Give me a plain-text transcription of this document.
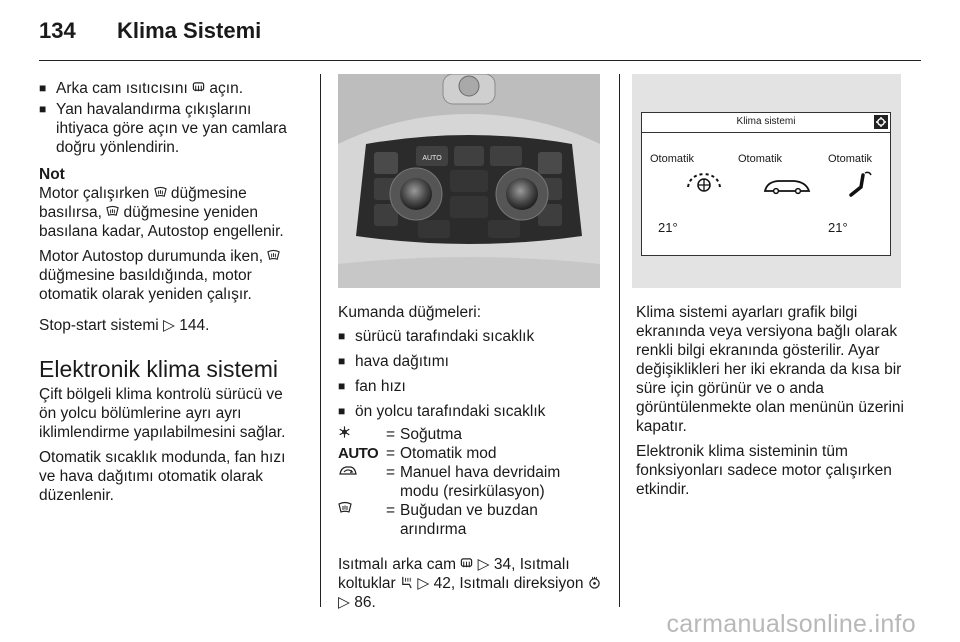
134 Klima Sistemi
■ Arka cam ısıtıcısını açın.
■ Yan havalandırma çıkışlarını ihtiyaca göre açın ve yan camlara doğru yönlendirin.
Not

Motor çalışırken düğmesine basılırsa, düğmesine yeniden basılana kadar, Autostop engellenir.

Motor Autostop durumunda iken,
düğmesine basıldığında, motor otomatik olarak yeniden çalışır.

Stop-start sistemi ▷ 144.

Elektronik klima sistemi

Çift bölgeli klima kontrolü sürücü ve ön yolcu bölümlerine ayrı ayrı iklimlendirme yapılabilmesini sağlar.

Otomatik sıcaklık modunda, fan hızı ve hava dağıtımı otomatik olarak düzenlenir.

AUTO

Kumanda düğmeleri:

■ sürücü tarafındaki sıcaklık
■ hava dağıtımı
■ fan hızı
■ ön yolcu tarafındaki sıcaklık
= Soğutma
AUTO = Otomatik mod
= Manuel hava devridaim modu (resirkülasyon)
= Buğudan ve buzdan arındırma

Isıtmalı arka cam ▷ 34, Isıtmalı koltuklar ▷ 42, Isıtmalı direksiyon
▷ 86.

Klima sistemi
Otomatik	Otomatik	Otomatik
21°	21°

Klima sistemi ayarları grafik bilgi ekranında veya versiyona bağlı olarak renkli bilgi ekranında gösterilir. Ayar değişiklikleri her iki ekranda da kısa bir süre için görünür ve o anda görüntülenmekte olan menünün üzerini kapatır.

Elektronik klima sisteminin tüm fonksiyonları sadece motor çalışırken etkindir.

carmanualsonline.info
